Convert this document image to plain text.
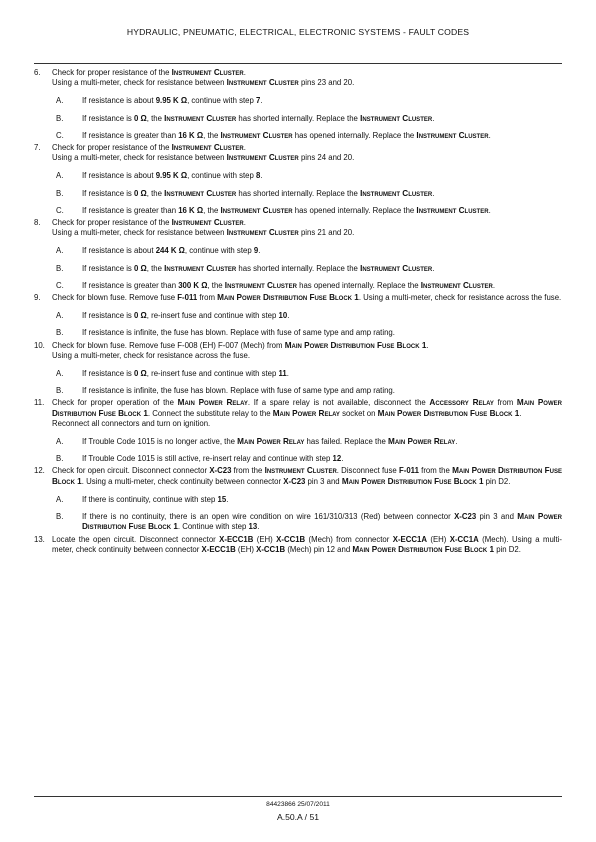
HYDRAULIC, PNEUMATIC, ELECTRICAL, ELECTRONIC SYSTEMS - FAULT CODES
6.	Check for proper resistance of the Instrument Cluster.
Using a multi-meter, check for resistance between Instrument Cluster pins 23 and 20.
A. If resistance is about 9.95 K Ω, continue with step 7.
B. If resistance is 0 Ω, the Instrument Cluster has shorted internally. Replace the Instrument Cluster.
C. If resistance is greater than 16 K Ω, the Instrument Cluster has opened internally. Replace the Instrument Cluster.
7.	Check for proper resistance of the Instrument Cluster.
Using a multi-meter, check for resistance between Instrument Cluster pins 24 and 20.
A. If resistance is about 9.95 K Ω, continue with step 8.
B. If resistance is 0 Ω, the Instrument Cluster has shorted internally. Replace the Instrument Cluster.
C. If resistance is greater than 16 K Ω, the Instrument Cluster has opened internally. Replace the Instrument Cluster.
8.	Check for proper resistance of the Instrument Cluster.
Using a multi-meter, check for resistance between Instrument Cluster pins 21 and 20.
A. If resistance is about 244 K Ω, continue with step 9.
B. If resistance is 0 Ω, the Instrument Cluster has shorted internally. Replace the Instrument Cluster.
C. If resistance is greater than 300 K Ω, the Instrument Cluster has opened internally. Replace the Instrument Cluster.
9.	Check for blown fuse. Remove fuse F-011 from Main Power Distribution Fuse Block 1. Using a multi-meter, check for resistance across the fuse.
A. If resistance is 0 Ω, re-insert fuse and continue with step 10.
B. If resistance is infinite, the fuse has blown. Replace with fuse of same type and amp rating.
10. Check for blown fuse. Remove fuse F-008 (EH) F-007 (Mech) from Main Power Distribution Fuse Block 1.
Using a multi-meter, check for resistance across the fuse.
A. If resistance is 0 Ω, re-insert fuse and continue with step 11.
B. If resistance is infinite, the fuse has blown. Replace with fuse of same type and amp rating.
11. Check for proper operation of the Main Power Relay. If a spare relay is not available, disconnect the Accessory Relay from Main Power Distribution Fuse Block 1. Connect the substitute relay to the Main Power Relay socket on Main Power Distribution Fuse Block 1.
Reconnect all connectors and turn on ignition.
A. If Trouble Code 1015 is no longer active, the Main Power Relay has failed. Replace the Main Power Relay.
B. If Trouble Code 1015 is still active, re-insert relay and continue with step 12.
12. Check for open circuit. Disconnect connector X-C23 from the Instrument Cluster. Disconnect fuse F-011 from the Main Power Distribution Fuse Block 1. Using a multi-meter, check continuity between connector X-C23 pin 3 and Main Power Distribution Fuse Block 1 pin D2.
A. If there is continuity, continue with step 15.
B. If there is no continuity, there is an open wire condition on wire 161/310/313 (Red) between connector X-C23 pin 3 and Main Power Distribution Fuse Block 1. Continue with step 13.
13. Locate the open circuit. Disconnect connector X-ECC1B (EH) X-CC1B (Mech) from connector X-ECC1A (EH) X-CC1A (Mech). Using a multi-meter, check continuity between connector X-ECC1B (EH) X-CC1B (Mech) pin 12 and Main Power Distribution Fuse Block 1 pin D2.
84423866 25/07/2011
A.50.A / 51
